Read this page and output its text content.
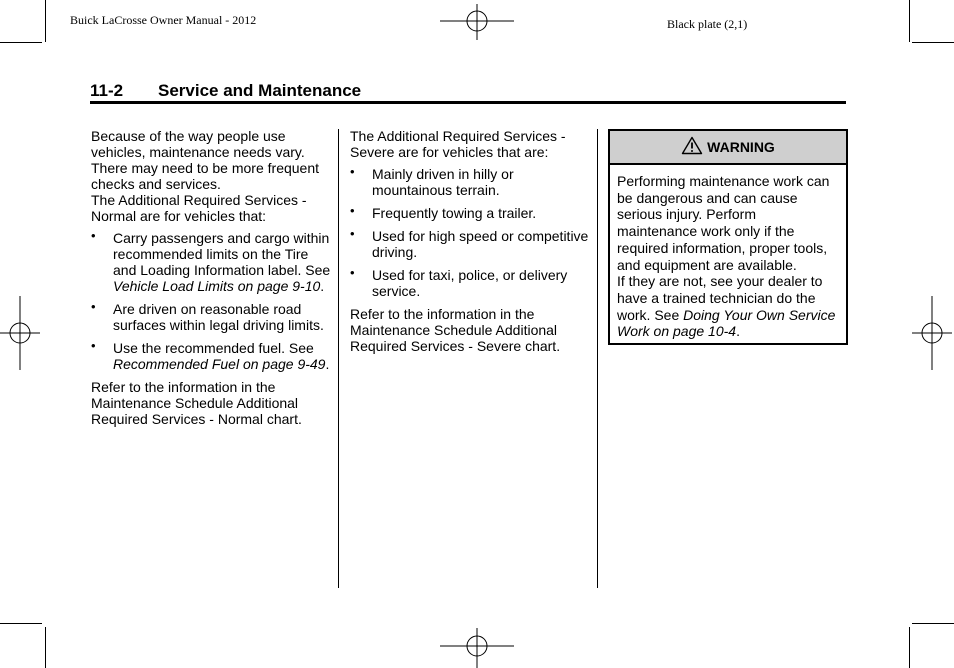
Buick LaCrosse Owner Manual - 2012	Black plate (2,1)
11-2 Service and Maintenance

Because of the way people use vehicles, maintenance needs vary. There may need to be more frequent checks and services.

The Additional Required Services - Normal are for vehicles that:

• Carry passengers and cargo within recommended limits on the Tire and Loading Information label. See Vehicle Load Limits on page 9-10.
• Are driven on reasonable road surfaces within legal driving limits.
• Use the recommended fuel. See Recommended Fuel on page 9-49.

Refer to the information in the Maintenance Schedule Additional Required Services - Normal chart.

The Additional Required Services - Severe are for vehicles that are:

• Mainly driven in hilly or mountainous terrain.
• Frequently towing a trailer.
• Used for high speed or competitive driving.
• Used for taxi, police, or delivery service.

Refer to the information in the Maintenance Schedule Additional Required Services - Severe chart.

WARNING

Performing maintenance work can be dangerous and can cause serious injury. Perform maintenance work only if the required information, proper tools, and equipment are available.

If they are not, see your dealer to have a trained technician do the work. See Doing Your Own Service Work on page 10-4.
